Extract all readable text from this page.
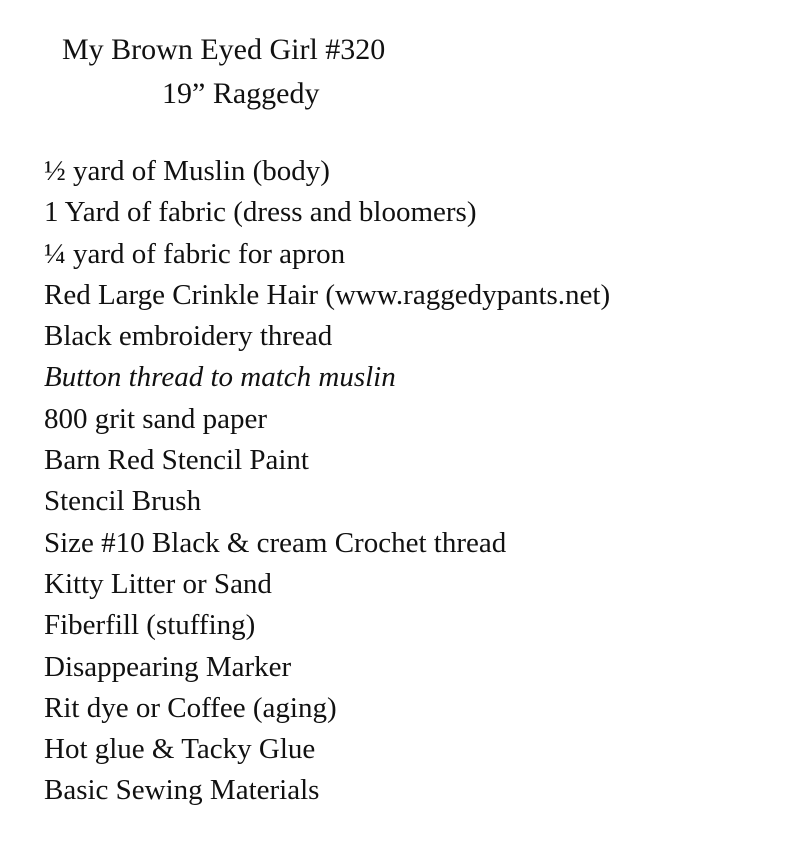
My Brown Eyed Girl #320
19” Raggedy
½ yard of Muslin (body)
1 Yard of fabric (dress and bloomers)
¼ yard of fabric for apron
Red Large Crinkle Hair (www.raggedypants.net)
Black embroidery thread
Button thread to match muslin
800 grit sand paper
Barn Red Stencil Paint
Stencil Brush
Size #10 Black & cream Crochet thread
Kitty Litter or Sand
Fiberfill (stuffing)
Disappearing Marker
Rit dye or Coffee (aging)
Hot glue & Tacky Glue
Basic Sewing Materials
